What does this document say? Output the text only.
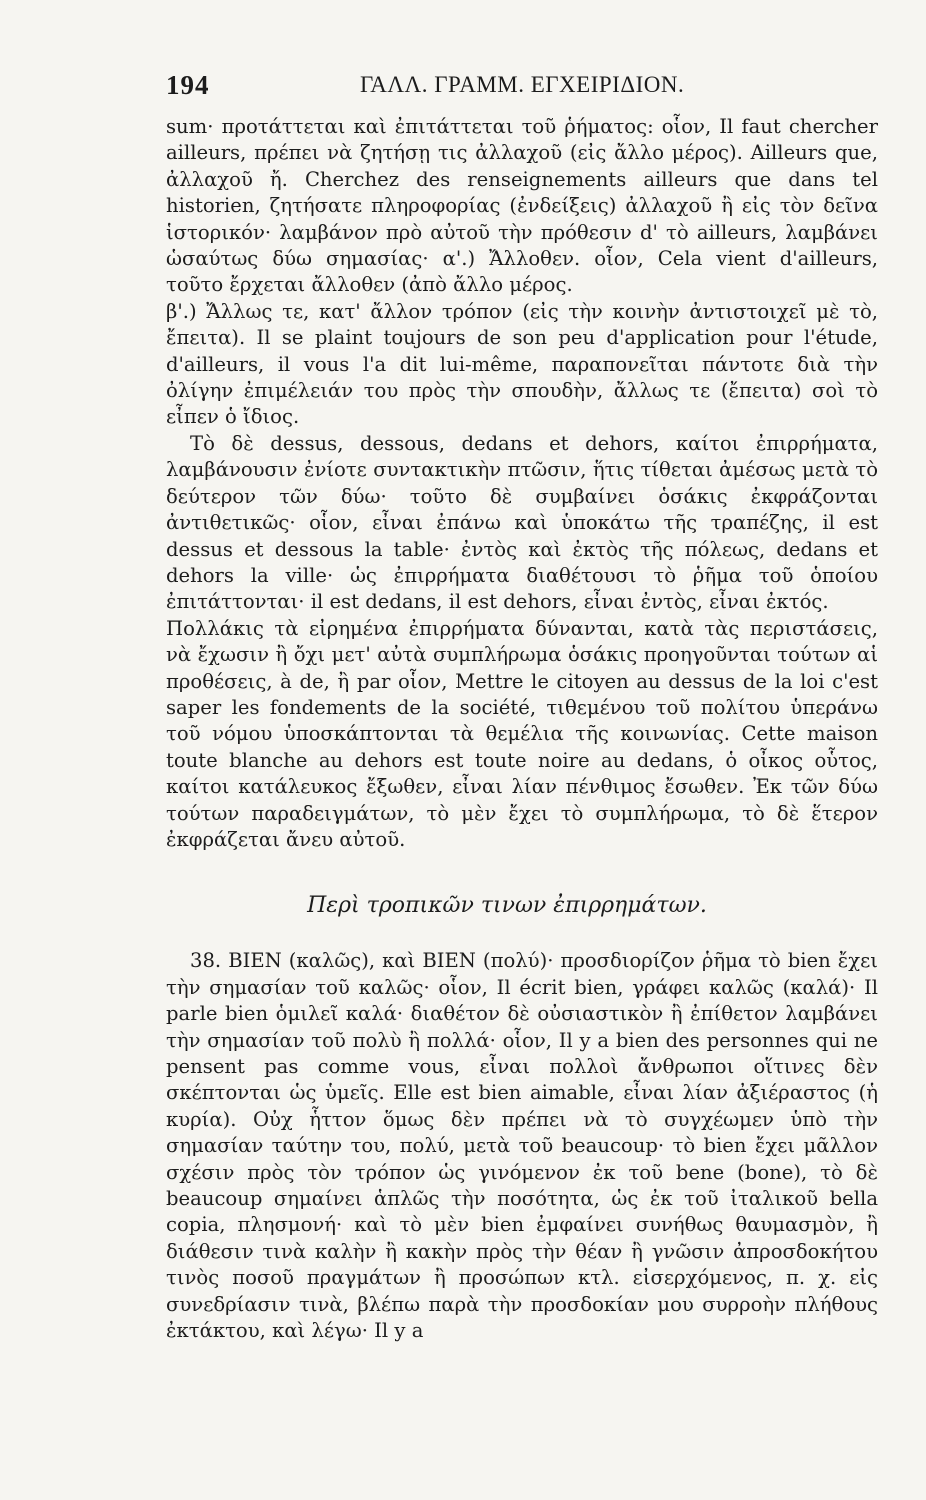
194	ΓΑΛΛ. ΓΡΑΜΜ. ΕΓΧΕΙΡΙΔΙΟΝ.

sum· προτάττεται καὶ ἐπιτάττεται τοῦ ῥήματος: οἷον, Il faut chercher ailleurs, πρέπει νὰ ζητήσῃ τις ἀλλαχοῦ (εἰς ἄλλο μέρος). Ailleurs que, ἀλλαχοῦ ἤ. Cherchez des renseignements ailleurs que dans tel historien, ζητήσατε πληροφορίας (ἐνδείξεις) ἀλλαχοῦ ἢ εἰς τὸν δεῖνα ἱστορικόν· λαμβάνον πρὸ αὐτοῦ τὴν πρόθεσιν d' τὸ ailleurs, λαμβάνει ὡσαύτως δύω σημασίας· α'.) Ἄλλοθεν. οἷον, Cela vient d'ailleurs, τοῦτο ἔρχεται ἄλλοθεν (ἀπὸ ἄλλο μέρος.

β'.) Ἄλλως τε, κατ' ἄλλον τρόπον (εἰς τὴν κοινὴν ἀντιστοιχεῖ μὲ τὸ, ἔπειτα). Il se plaint toujours de son peu d'application pour l'étude, d'ailleurs, il vous l'a dit lui-même, παραπονεῖται πάντοτε διὰ τὴν ὀλίγην ἐπιμέλειάν του πρὸς τὴν σπουδὴν, ἄλλως τε (ἔπειτα) σοὶ τὸ εἶπεν ὁ ἴδιος.

Τὸ δὲ dessus, dessous, dedans et dehors, καίτοι ἐπιρρήματα, λαμβάνουσιν ἐνίοτε συντακτικὴν πτῶσιν, ἥτις τίθεται ἀμέσως μετὰ τὸ δεύτερον τῶν δύω· τοῦτο δὲ συμβαίνει ὁσάκις ἐκφράζονται ἀντιθετικῶς· οἷον, εἶναι ἐπάνω καὶ ὑποκάτω τῆς τραπέζης, il est dessus et dessous la table· ἐντὸς καὶ ἐκτὸς τῆς πόλεως, dedans et dehors la ville· ὡς ἐπιρρήματα διαθέτουσι τὸ ῥῆμα τοῦ ὁποίου ἐπιτάττονται· il est dedans, il est dehors, εἶναι ἐντὸς, εἶναι ἐκτός.

Πολλάκις τὰ εἰρημένα ἐπιρρήματα δύνανται, κατὰ τὰς περιστάσεις, νὰ ἔχωσιν ἢ ὄχι μετ' αὐτὰ συμπλήρωμα ὁσάκις προηγοῦνται τούτων αἱ προθέσεις, à de, ἢ par οἷον, Mettre le citoyen au dessus de la loi c'est saper les fondements de la société, τιθεμένου τοῦ πολίτου ὑπεράνω τοῦ νόμου ὑποσκάπτονται τὰ θεμέλια τῆς κοινωνίας. Cette maison toute blanche au dehors est toute noire au dedans, ὁ οἶκος οὗτος, καίτοι κατάλευκος ἔξωθεν, εἶναι λίαν πένθιμος ἔσωθεν. Ἐκ τῶν δύω τούτων παραδειγμάτων, τὸ μὲν ἔχει τὸ συμπλήρωμα, τὸ δὲ ἕτερον ἐκφράζεται ἄνευ αὐτοῦ.

Περὶ τροπικῶν τινων ἐπιρρημάτων.

38. BIEN (καλῶς), καὶ BIEN (πολύ)· προσδιορίζον ῥῆμα τὸ bien ἔχει τὴν σημασίαν τοῦ καλῶς· οἷον, Il écrit bien, γράφει καλῶς (καλά)· Il parle bien ὁμιλεῖ καλά· διαθέτον δὲ οὐσιαστικὸν ἢ ἐπίθετον λαμβάνει τὴν σημασίαν τοῦ πολὺ ἢ πολλά· οἷον, Il y a bien des personnes qui ne pensent pas comme vous, εἶναι πολλοὶ ἄνθρωποι οἵτινες δὲν σκέπτονται ὡς ὑμεῖς. Elle est bien aimable, εἶναι λίαν ἀξιέραστος (ἡ κυρία). Οὐχ ἧττον ὅμως δὲν πρέπει νὰ τὸ συγχέωμεν ὑπὸ τὴν σημασίαν ταύτην του, πολύ, μετὰ τοῦ beaucoup· τὸ bien ἔχει μᾶλλον σχέσιν πρὸς τὸν τρόπον ὡς γινόμενον ἐκ τοῦ bene (bone), τὸ δὲ beaucoup σημαίνει ἁπλῶς τὴν ποσότητα, ὡς ἐκ τοῦ ἰταλικοῦ bella copia, πλησμονή· καὶ τὸ μὲν bien ἐμφαίνει συνήθως θαυμασμὸν, ἢ διάθεσιν τινὰ καλὴν ἢ κακὴν πρὸς τὴν θέαν ἢ γνῶσιν ἀπροσδοκήτου τινὸς ποσοῦ πραγμάτων ἢ προσώπων κτλ. εἰσερχόμενος, π. χ. εἰς συνεδρίασιν τινὰ, βλέπω παρὰ τὴν προσδοκίαν μου συρροὴν πλήθους ἐκτάκτου, καὶ λέγω· Il y a
